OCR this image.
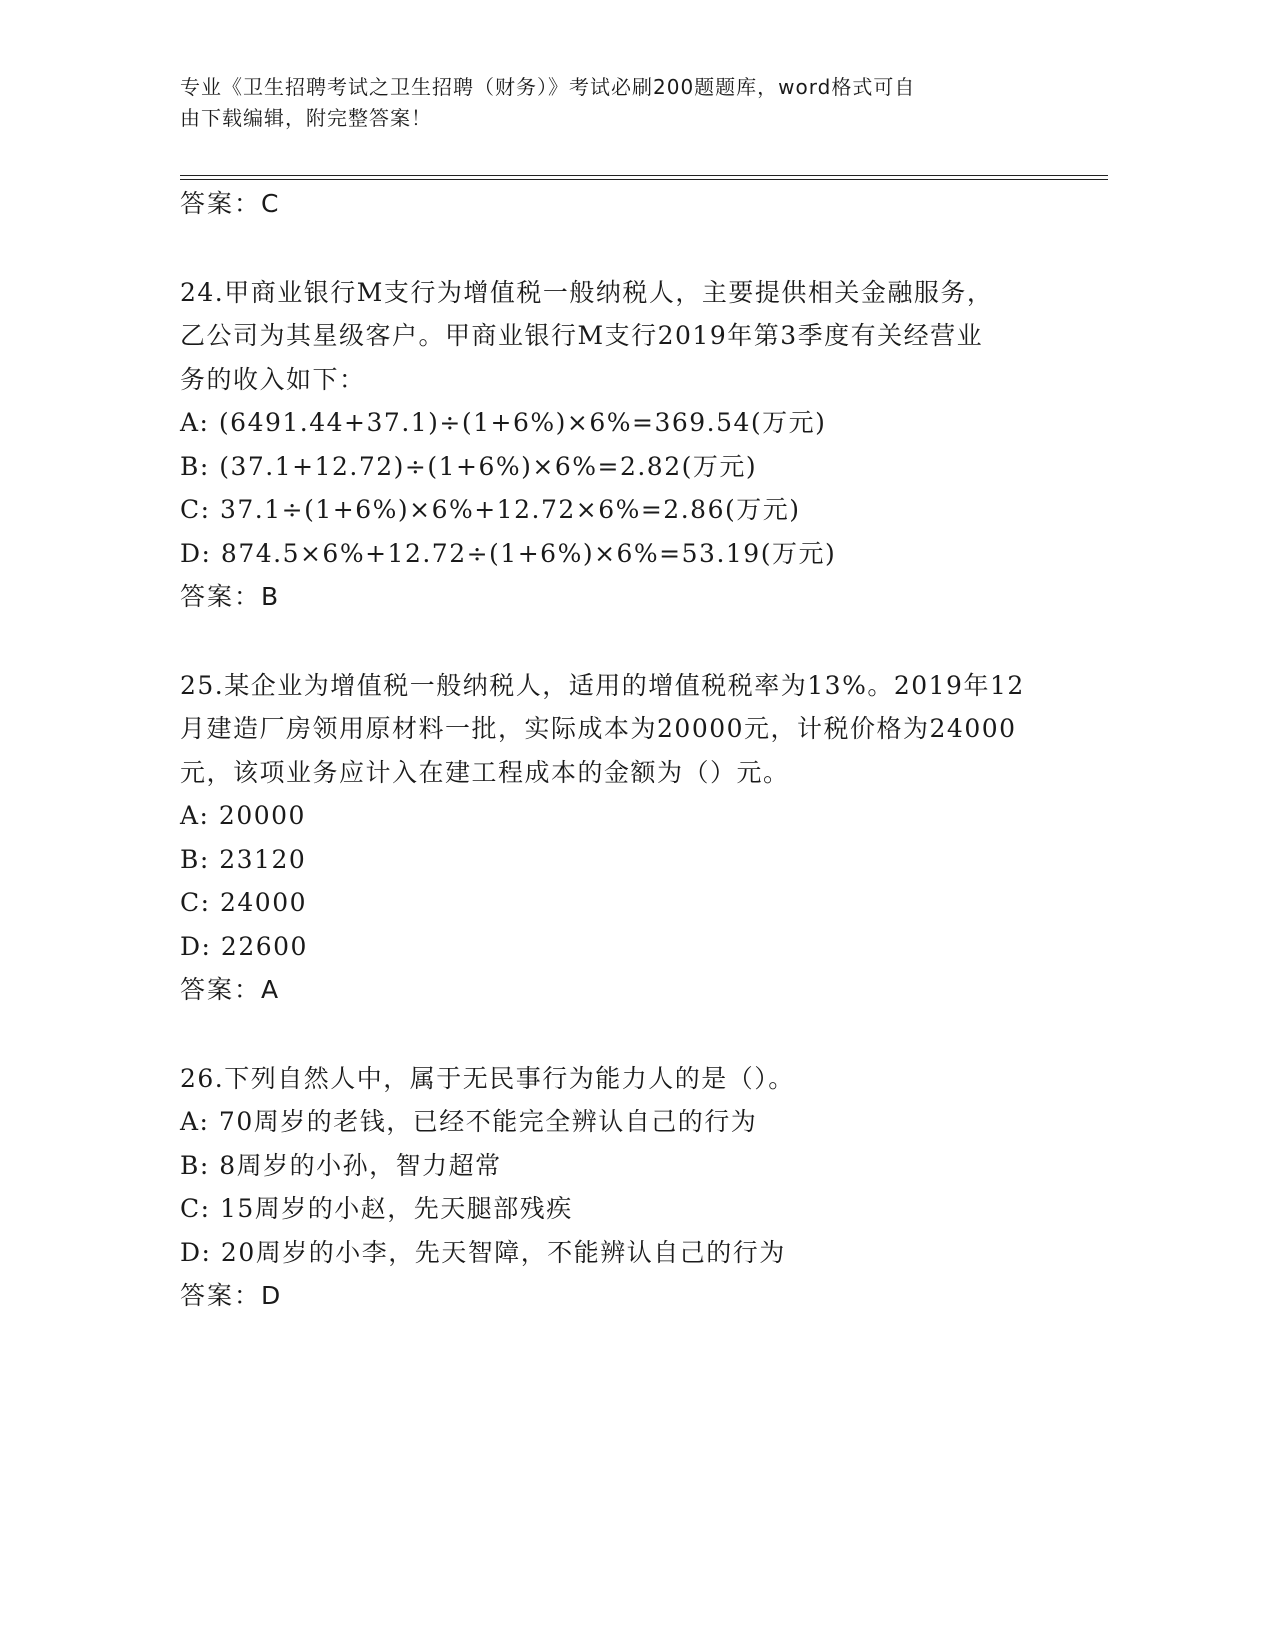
专业《卫生招聘考试之卫生招聘（财务）》考试必刷200题题库，word格式可自
由下载编辑，附完整答案！
答案：C
24.甲商业银行M支行为增值税一般纳税人，主要提供相关金融服务，
乙公司为其星级客户。甲商业银行M支行2019年第3季度有关经营业
务的收入如下：
A: (6491.44+37.1)÷(1+6%)×6%=369.54(万元)
B: (37.1+12.72)÷(1+6%)×6%=2.82(万元)
C: 37.1÷(1+6%)×6%+12.72×6%=2.86(万元)
D: 874.5×6%+12.72÷(1+6%)×6%=53.19(万元)
答案：B
25.某企业为增值税一般纳税人，适用的增值税税率为13%。2019年12
月建造厂房领用原材料一批，实际成本为20000元，计税价格为24000
元，该项业务应计入在建工程成本的金额为（）元。
A: 20000
B: 23120
C: 24000
D: 22600
答案：A
26.下列自然人中，属于无民事行为能力人的是（）。
A: 70周岁的老钱，已经不能完全辨认自己的行为
B: 8周岁的小孙，智力超常
C: 15周岁的小赵，先天腿部残疾
D: 20周岁的小李，先天智障，不能辨认自己的行为
答案：D
